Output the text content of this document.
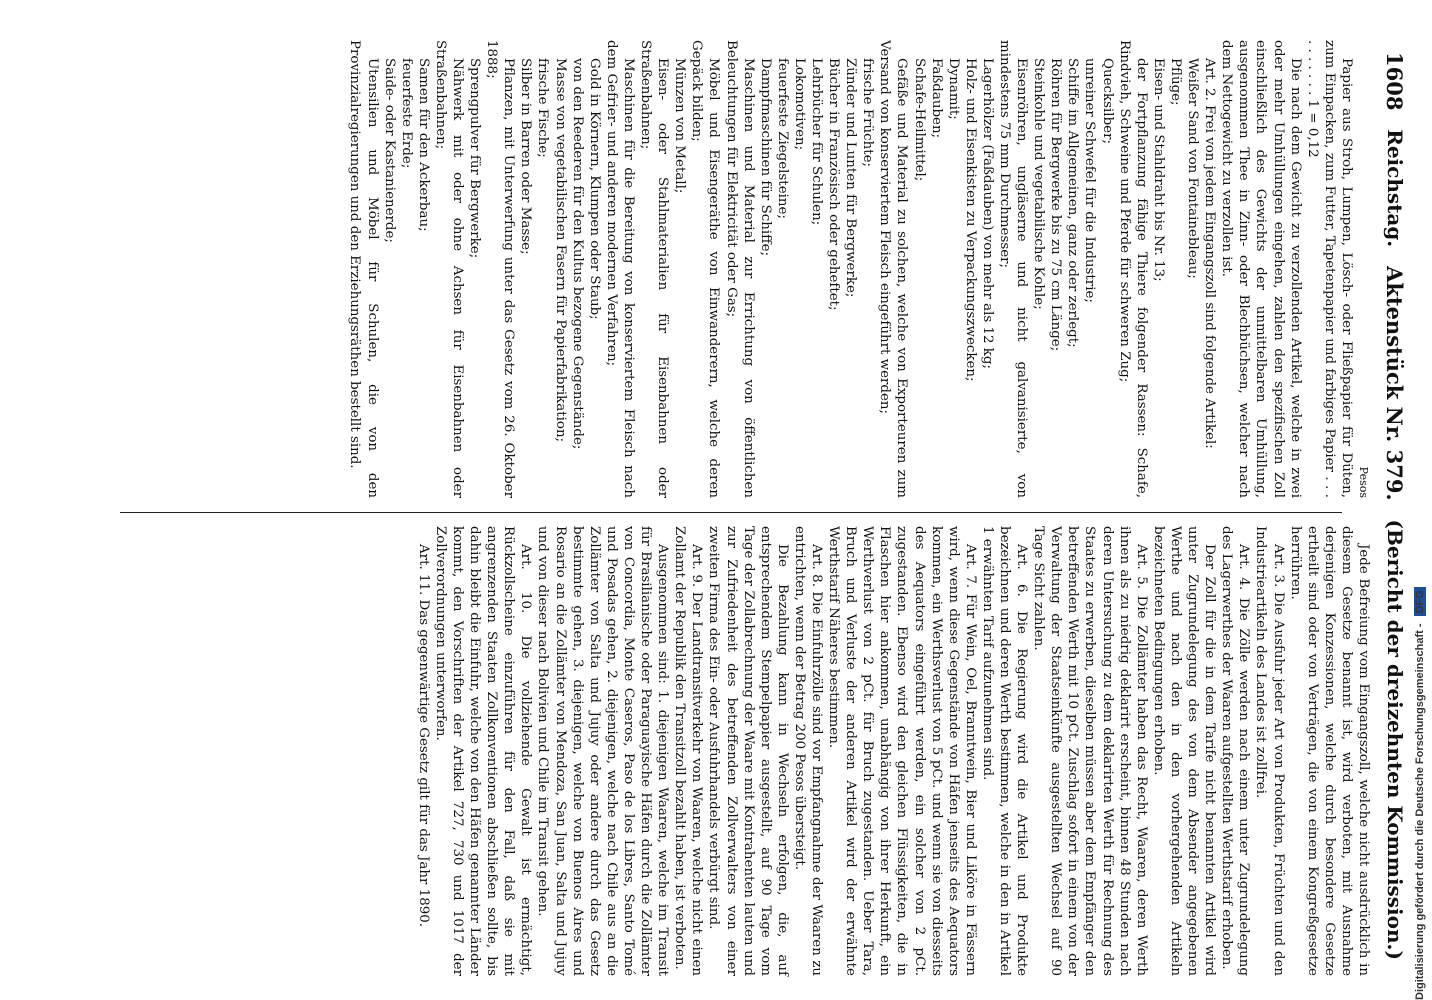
1608
Reichstag.
Aktenstück Nr. 379.
(Bericht der dreizehnten Kommission.)
Pesos

Papier aus Stroh, Lumpen, Lösch- oder Fließpapier für Düten, zum Einpacken, zum Futter, Tapetenpapier und farbiges Papier . . . . . . . . . . 1 = 0,12

Die nach dem Gewicht zu verzollenden Artikel, welche in zwei oder mehr Umhüllungen eingehen, zahlen den spezifischen Zoll einschließlich des Gewichts der unmittelbaren Umhüllung, ausgenommen Thee in Zinn- oder Blechbüchsen, welcher nach dem Nettogewicht zu verzollen ist.

Art. 2. Frei von jedem Eingangszoll sind folgende Artikel:

Weißer Sand von Fontainebleau;

Pflüge;

Eisen- und Stahldraht bis Nr. 13;

der Fortpflanzung fähige Thiere folgender Rassen: Schafe, Rindvieh, Schweine und Pferde für schweren Zug;

Quecksilber;

unreiner Schwefel für die Industrie;

Schiffe im Allgemeinen, ganz oder zerlegt;

Röhren für Bergwerke bis zu 75 cm Länge;

Steinkohle und vegetabilische Kohle;

Eisenröhren, ungläserne und nicht galvanisierte, von mindestens 75 mm Durchmesser;

Lagerhölzer (Faßdauben) von mehr als 12 kg;

Holz- und Eisenkisten zu Verpackungszwecken;

Dynamit;

Faßdauben;

Schafe-Heilmittel;

Gefäße und Material zu solchen, welche von Exporteuren zum Versand von konserviertem Fleisch eingeführt werden;

frische Früchte;

Zünder und Lunten für Bergwerke;

Bücher in Französisch oder geheftet;

Lehrbücher für Schulen;

Lokomotiven;

feuerfeste Ziegelsteine;

Dampfmaschinen für Schiffe;

Maschinen und Material zur Errichtung von öffentlichen Beleuchtungen für Elektricität oder Gas;

Möbel und Eisengeräthe von Einwanderern, welche deren Gepäck bilden;

Münzen von Metall;

Eisen- oder Stahlmaterialien für Eisenbahnen oder Straßenbahnen;

Maschinen für die Bereitung von konserviertem Fleisch nach dem Gefrier- und anderen modernen Verfahren;

Gold in Körnern, Klumpen oder Staub;

von den Reederen für den Kultus bezogene Gegenstände;

Masse von vegetabilischen Fasern für Papierfabrikation;

frische Fische;

Silber in Barren oder Masse;

Pflanzen, mit Unterwerfung unter das Gesetz vom 26. Oktober 1888;

Sprengpulver für Bergwerke;

Nähwerk mit oder ohne Achsen für Eisenbahnen oder Straßenbahnen;

Samen für den Ackerbau;

feuerfeste Erde;

Saide- oder Kastanienerde;

Utensilien und Möbel für Schulen, die von den Provinzialregierungen und den Erziehungsräthen bestellt sind.

Jede Befreiung vom Eingangszoll, welche nicht ausdrücklich in diesem Gesetze benannt ist, wird verboten, mit Ausnahme derjenigen Konzessionen, welche durch besondere Gesetze ertheilt sind oder von Verträgen, die von einem Kongreßgesetze herrühren.

Art. 3. Die Ausfuhr jeder Art von Produkten, Früchten und den Industrieartikeln des Landes ist zollfrei.

Art. 4. Die Zölle werden nach einem unter Zugrundelegung des Lagerwerthes der Waaren aufgestellten Werthstarif erhoben.

Der Zoll für die in dem Tarife nicht benannten Artikel wird unter Zugrundelegung des von dem Absender angegebenen Werthe und nach den in den vorhergehenden Artikeln bezeichneten Bedingungen erhoben.

Art. 5. Die Zollämter haben das Recht, Waaren, deren Werth ihnen als zu niedrig deklarirt erscheint, binnen 48 Stunden nach deren Untersuchung zu dem deklarirten Werth für Rechnung des Staates zu erwerben, dieselben müssen aber dem Empfänger den betreffenden Werth mit 10 pCt. Zuschlag sofort in einem von der Verwaltung der Staatseinkünfte ausgestellten Wechsel auf 90 Tage Sicht zahlen.

Art. 6. Die Regierung wird die Artikel und Produkte bezeichnen und deren Werth bestimmen, welche in den in Artikel 1 erwähnten Tarif aufzunehmen sind.

Art. 7. Für Wein, Oel, Branntwein, Bier und Liköre in Fässern wird, wenn diese Gegenstände von Häfen jenseits des Aequators kommen, ein Werthsverlust von 5 pCt. und wenn sie von diesseits des Aequators eingeführt werden, ein solcher von 2 pCt. zugestanden. Ebenso wird den gleichen Flüssigkeiten, die in Flaschen hier ankommen, unabhängig von ihrer Herkunft, ein Werthverlust von 2 pCt. für Bruch zugestanden. Ueber Tara, Bruch und Verluste der anderen Artikel wird der erwähnte Werthstarif Näheres bestimmen.

Art. 8. Die Einfuhrzölle sind vor Empfangnahme der Waaren zu entrichten, wenn der Betrag 200 Pesos übersteigt.

Die Bezahlung kann in Wechseln erfolgen, die, auf entsprechendem Stempelpapier ausgestellt, auf 90 Tage vom Tage der Zollabrechnung der Waare mit Kontrahenten lauten und zur Zufriedenheit des betreffenden Zollverwalters von einer zweiten Firma des Ein- oder Ausfuhrhandels verbürgt sind.

Art. 9. Der Landtransitverkehr von Waaren, welche nicht einen Zollamt der Republik den Transitzoll bezahlt haben, ist verboten.

Ausgenommen sind: 1. diejenigen Waaren, welche im Transit für Brasilianische oder Paraguayische Häfen durch die Zollämter von Concordia, Monte Caseros, Paso de los Libres, Santo Tomé und Posadas gehen, 2. diejenigen, welche nach Chile aus an die Zollämter von Salta und Jujuy oder andere durch das Gesetz bestimmte gehen, 3. diejenigen, welche von Buenos Aires und Rosario an die Zollämter von Mendoza, San Juan, Salta und Jujuy und von dieser nach Bolivien und Chile im Transit gehen.

Art. 10. Die vollziehende Gewalt ist ermächtigt, Rückzollscheine einzuführen für den Fall, daß sie mit angrenzenden Staaten Zollkonventionen abschließen sollte, bis dahin bleibt die Einfuhr, welche von den Häfen genannter Länder kommt, den Vorschriften der Artikel 727, 730 und 1017 der Zollverordnungen unterworfen.

Art. 11. Das gegenwärtige Gesetz gilt für das Jahr 1890.	Digitalisierung gefördert durch die Deutsche Forschungsgemeinschaft - DFG
